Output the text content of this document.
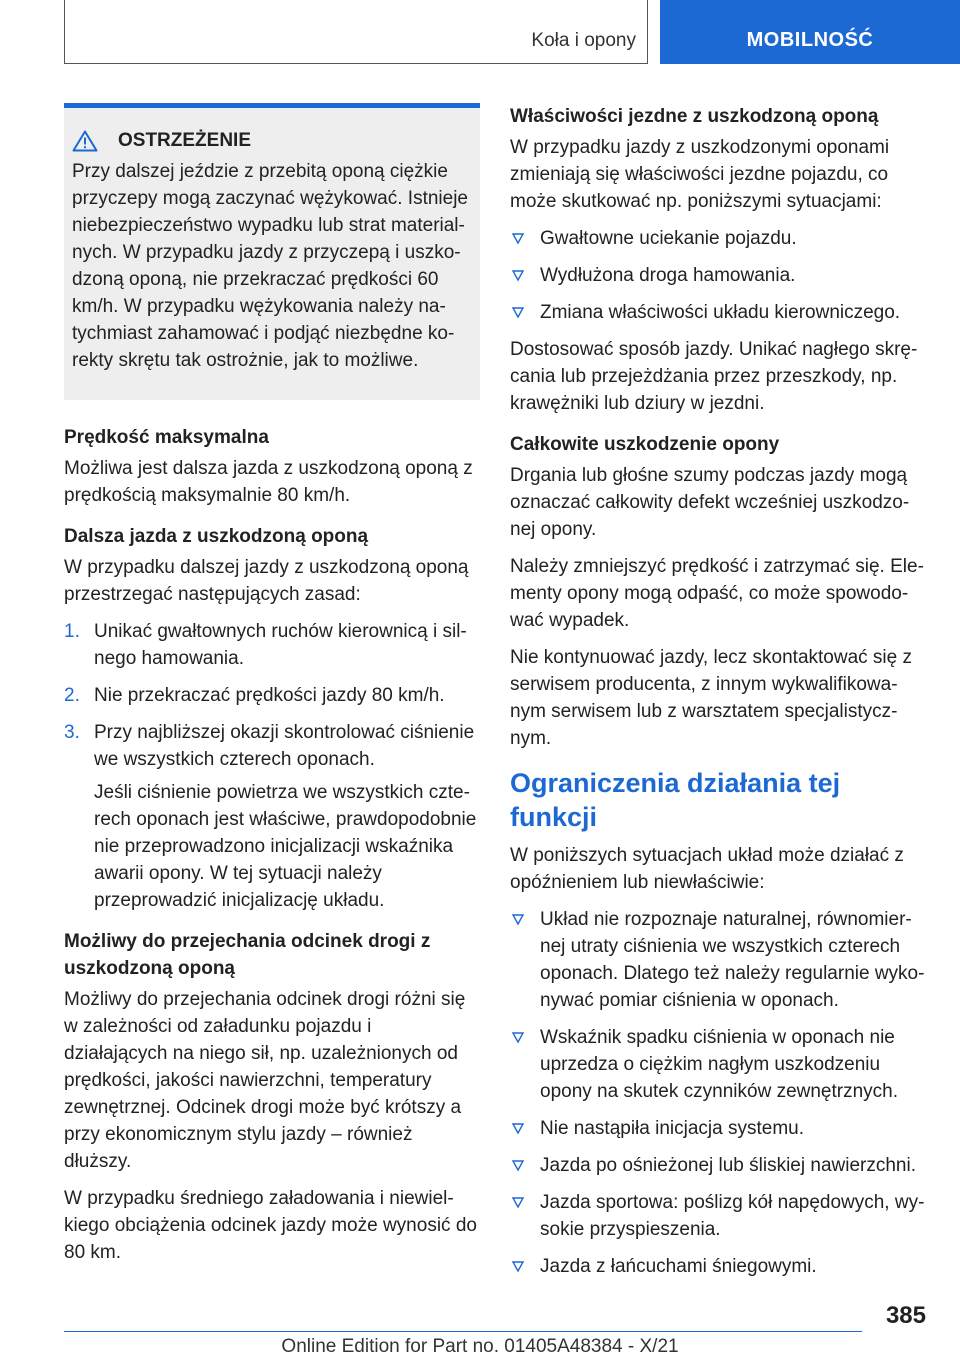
Koła i opony	MOBILNOŚĆ
OSTRZEŻENIE

Przy dalszej jeździe z przebitą oponą ciężkie przyczepy mogą zaczynać wężykować. Istnieje niebezpieczeństwo wypadku lub strat materialnych. W przypadku jazdy z przyczepą i uszkodzoną oponą, nie przekraczać prędkości 60 km/h. W przypadku wężykowania należy natychmiast zahamować i podjąć niezbędne korekty skrętu tak ostrożnie, jak to możliwe.

Prędkość maksymalna

Możliwa jest dalsza jazda z uszkodzoną oponą z prędkością maksymalnie 80 km/h.

Dalsza jazda z uszkodzoną oponą

W przypadku dalszej jazdy z uszkodzoną oponą przestrzegać następujących zasad:

1. Unikać gwałtownych ruchów kierownicą i silnego hamowania.
2. Nie przekraczać prędkości jazdy 80 km/h.
3. Przy najbliższej okazji skontrolować ciśnienie we wszystkich czterech oponach.

Jeśli ciśnienie powietrza we wszystkich czterech oponach jest właściwe, prawdopodobnie nie przeprowadzono inicjalizacji wskaźnika awarii opony. W tej sytuacji należy przeprowadzić inicjalizację układu.

Możliwy do przejechania odcinek drogi z uszkodzoną oponą

Możliwy do przejechania odcinek drogi różni się w zależności od załadunku pojazdu i działających na niego sił, np. uzależnionych od prędkości, jakości nawierzchni, temperatury zewnętrznej. Odcinek drogi może być krótszy a przy ekonomicznym stylu jazdy – również dłuższy.

W przypadku średniego załadowania i niewielkiego obciążenia odcinek jazdy może wynosić do 80 km.

Właściwości jezdne z uszkodzoną oponą

W przypadku jazdy z uszkodzonymi oponami zmieniają się właściwości jezdne pojazdu, co może skutkować np. poniższymi sytuacjami:

Gwałtowne uciekanie pojazdu.
Wydłużona droga hamowania.
Zmiana właściwości układu kierowniczego.

Dostosować sposób jazdy. Unikać nagłego skręcania lub przejeżdżania przez przeszkody, np. krawężniki lub dziury w jezdni.

Całkowite uszkodzenie opony

Drgania lub głośne szumy podczas jazdy mogą oznaczać całkowity defekt wcześniej uszkodzonej opony.

Należy zmniejszyć prędkość i zatrzymać się. Elementy opony mogą odpaść, co może spowodować wypadek.

Nie kontynuować jazdy, lecz skontaktować się z serwisem producenta, z innym wykwalifikowanym serwisem lub z warsztatem specjalistycznym.

Ograniczenia działania tej funkcji

W poniższych sytuacjach układ może działać z opóźnieniem lub niewłaściwie:

Układ nie rozpoznaje naturalnej, równomiernej utraty ciśnienia we wszystkich czterech oponach. Dlatego też należy regularnie wykonywać pomiar ciśnienia w oponach.
Wskaźnik spadku ciśnienia w oponach nie uprzedza o ciężkim nagłym uszkodzeniu opony na skutek czynników zewnętrznych.
Nie nastąpiła inicjacja systemu.
Jazda po ośnieżonej lub śliskiej nawierzchni.
Jazda sportowa: poślizg kół napędowych, wysokie przyspieszenia.
Jazda z łańcuchami śniegowymi.
385
Online Edition for Part no. 01405A48384 - X/21
